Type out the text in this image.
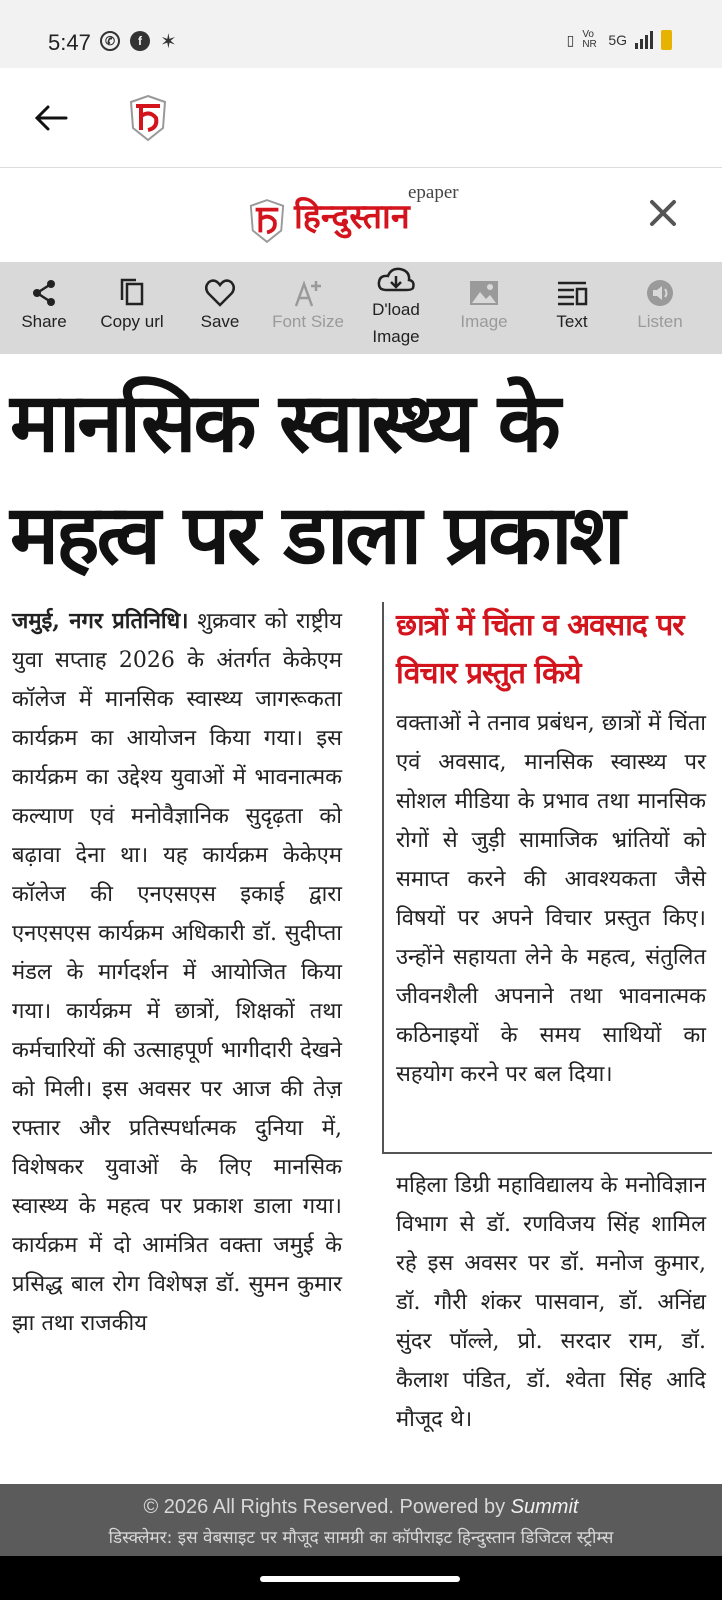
5:47	✆	f ✶	▯ Vo NR 5G
epaper
हिन्दुस्तान
Share Copy url Save Font Size
D'load Image
Image	Text	Listen
मानसिक स्वास्थ्य के
महत्व पर डाला प्रकाश
जमुई, नगर प्रतिनिधि। शुक्रवार को राष्ट्रीय युवा सप्ताह 2026 के अंतर्गत केकेएम कॉलेज में मानसिक स्वास्थ्य जागरूकता कार्यक्रम का आयोजन किया गया। इस कार्यक्रम का उद्देश्य युवाओं में भावनात्मक कल्याण एवं मनोवैज्ञानिक सुदृढ़ता को बढ़ावा देना था। यह कार्यक्रम केकेएम कॉलेज की एनएसएस इकाई द्वारा एनएसएस कार्यक्रम अधिकारी डॉ. सुदीप्ता मंडल के मार्गदर्शन में आयोजित किया गया। कार्यक्रम में छात्रों, शिक्षकों तथा कर्मचारियों की उत्साहपूर्ण भागीदारी देखने को मिली। इस अवसर पर आज की तेज़ रफ्तार और प्रतिस्पर्धात्मक दुनिया में, विशेषकर युवाओं के लिए मानसिक स्वास्थ्य के महत्व पर प्रकाश डाला गया। कार्यक्रम में दो आमंत्रित वक्ता जमुई के प्रसिद्ध बाल रोग विशेषज्ञ डॉ. सुमन कुमार झा तथा राजकीय
छात्रों में चिंता व अवसाद पर विचार प्रस्तुत किये
वक्ताओं ने तनाव प्रबंधन, छात्रों में चिंता एवं अवसाद, मानसिक स्वास्थ्य पर सोशल मीडिया के प्रभाव तथा मानसिक रोगों से जुड़ी सामाजिक भ्रांतियों को समाप्त करने की आवश्यकता जैसे विषयों पर अपने विचार प्रस्तुत किए। उन्होंने सहायता लेने के महत्व, संतुलित जीवनशैली अपनाने तथा भावनात्मक कठिनाइयों के समय साथियों का सहयोग करने पर बल दिया।
महिला डिग्री महाविद्यालय के मनोविज्ञान विभाग से डॉ. रणविजय सिंह शामिल रहे इस अवसर पर डॉ. मनोज कुमार, डॉ. गौरी शंकर पासवान, डॉ. अनिंद्य सुंदर पॉल्ले, प्रो. सरदार राम, डॉ. कैलाश पंडित, डॉ. श्वेता सिंह आदि मौजूद थे।
© 2026 All Rights Reserved. Powered by Summit
डिस्क्लेमर: इस वेबसाइट पर मौजूद सामग्री का कॉपीराइट हिन्दुस्तान डिजिटल स्ट्रीम्स
